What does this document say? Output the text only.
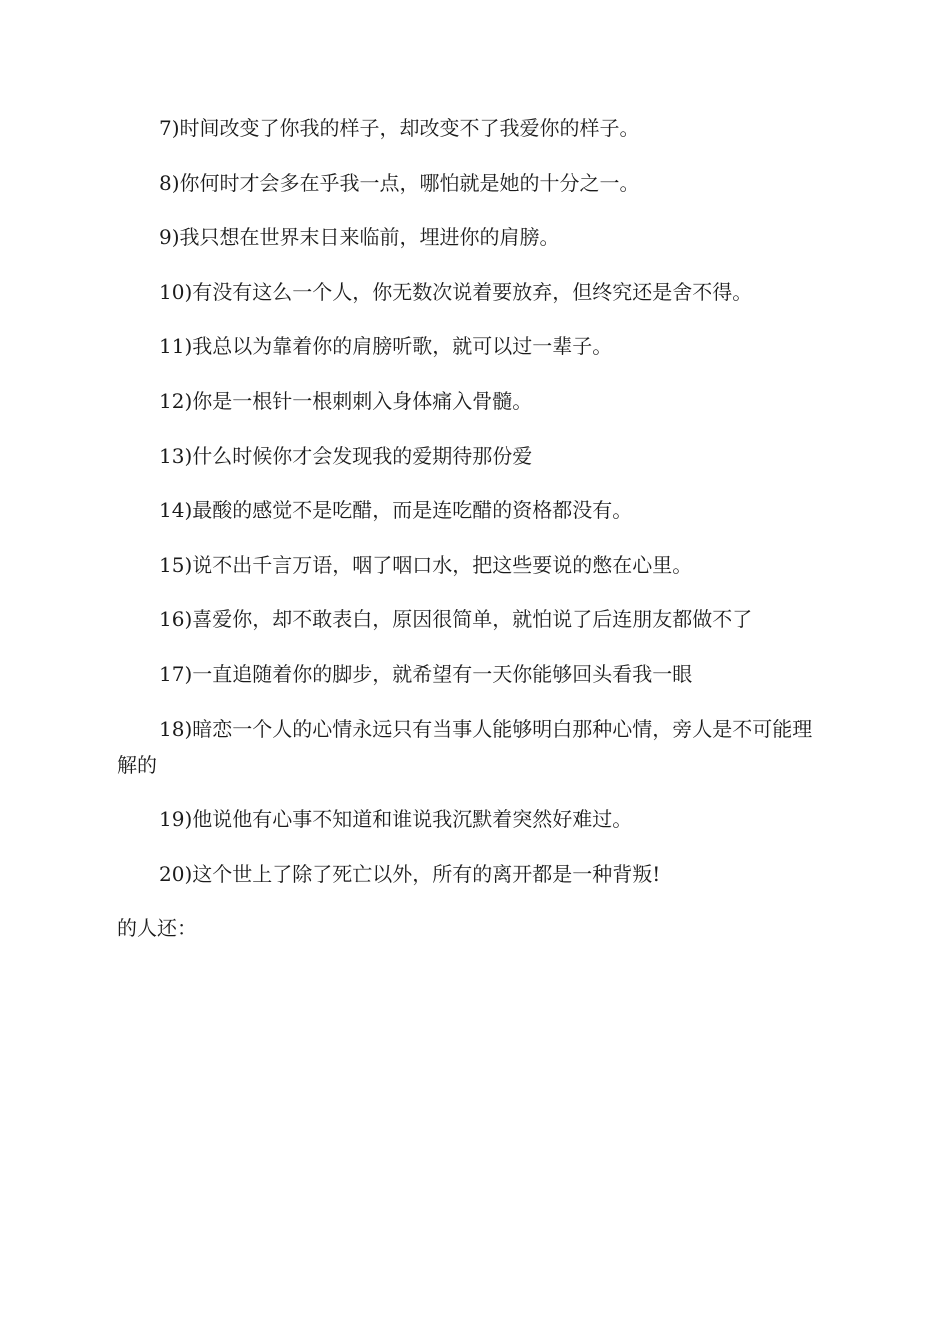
7)时间改变了你我的样子，却改变不了我爱你的样子。

8)你何时才会多在乎我一点，哪怕就是她的十分之一。

9)我只想在世界末日来临前，埋进你的肩膀。

10)有没有这么一个人，你无数次说着要放弃，但终究还是舍不得。

11)我总以为靠着你的肩膀听歌，就可以过一辈子。

12)你是一根针一根刺刺入身体痛入骨髓。

13)什么时候你才会发现我的爱期待那份爱

14)最酸的感觉不是吃醋，而是连吃醋的资格都没有。

15)说不出千言万语，咽了咽口水，把这些要说的憋在心里。

16)喜爱你，却不敢表白，原因很简单，就怕说了后连朋友都做不了

17)一直追随着你的脚步，就希望有一天你能够回头看我一眼

18)暗恋一个人的心情永远只有当事人能够明白那种心情，旁人是不可能理解的

19)他说他有心事不知道和谁说我沉默着突然好难过。

20)这个世上了除了死亡以外，所有的离开都是一种背叛!

的人还：
